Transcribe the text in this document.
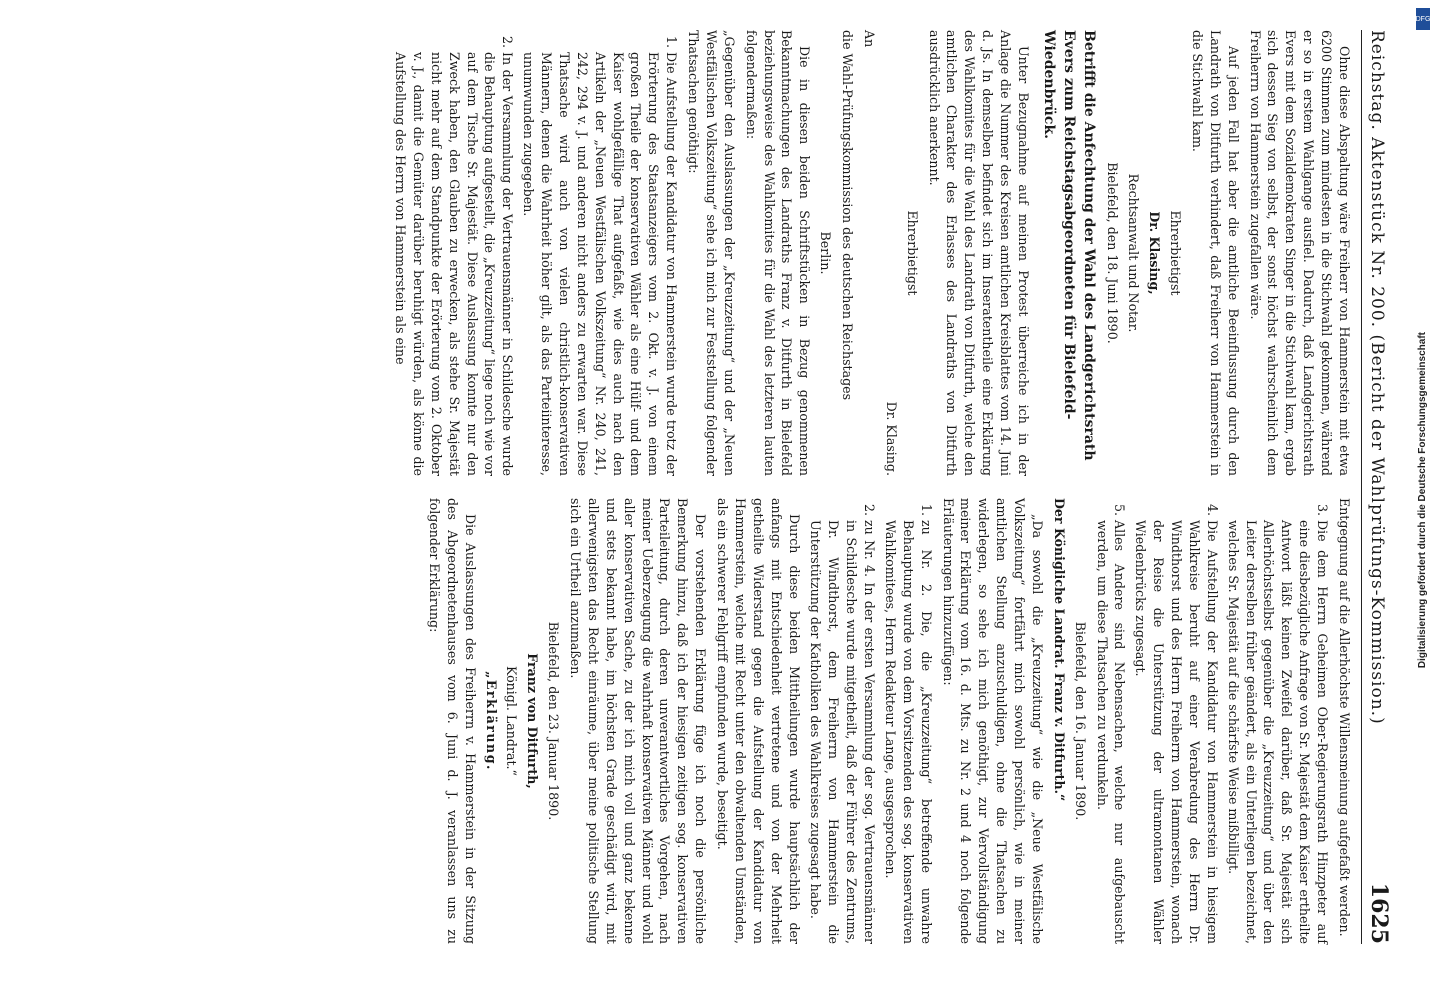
Reichstag. Aktenstück Nr. 200. (Bericht der Wahlprüfungs-Kommission.)
1625

Ohne diese Abspaltung wäre Freiherr von Hammerstein mit etwa 6200 Stimmen zum mindesten in die Stichwahl gekommen, während er so in erstem Wahlgange ausfiel. Dadurch, daß Landgerichtsrath Evers mit dem Sozialdemokraten Singer in die Stichwahl kam, ergab sich dessen Sieg von selbst, der sonst höchst wahrscheinlich dem Freiherrn von Hammerstein zugefallen wäre.

Auf jeden Fall hat aber die amtliche Beeinflussung durch den Landrath von Ditfurth verhindert, daß Freiherr von Hammerstein in die Stichwahl kam.

Ehrerbietigst

Dr. Klasing,

Rechtsanwalt und Notar.

Bielefeld, den 18. Juni 1890.

Betrifft die Anfechtung der Wahl des Landgerichtsrath Evers zum Reichstagsabgeordneten für Bielefeld-Wiedenbrück.

Unter Bezugnahme auf meinen Protest überreiche ich in der Anlage die Nummer des Kreisen amtlichen Kreisblattes vom 14. Juni d. Js. In demselben befindet sich im Inseratentheile eine Erklärung des Wahlkomites für die Wahl des Landrath von Ditfurth, welche den amtlichen Charakter des Erlasses des Landraths von Ditfurth ausdrücklich anerkennt.

Ehrerbietigst

Dr. Klasing.

An

die Wahl-Prüfungskommission des deutschen Reichstages

Berlin.

Die in diesen beiden Schriftstücken in Bezug genommenen Bekanntmachungen des Landraths Franz v. Ditfurth in Bielefeld beziehungsweise des Wahlkomites für die Wahl des letzteren lauten folgendermaßen:

„Gegenüber den Auslassungen der „Kreuzzeitung“ und der „Neuen Westfälischen Volkszeitung“ sehe ich mich zur Feststellung folgender Thatsachen genöthigt:

1. Die Aufstellung der Kandidatur von Hammerstein wurde trotz der Erörterung des Staatsanzeigers vom 2. Okt. v. J. von einem großen Theile der konservativen Wähler als eine Hülf- und dem Kaiser wohlgefällige That aufgefaßt, wie dies auch nach den Artikeln der „Neuen Westfälischen Volkszeitung“ Nr. 240, 241, 242, 294 v. J. und anderen nicht anders zu erwarten war. Diese Thatsache wird auch von vielen christlich-konservativen Männern, denen die Wahrheit höher gilt, als das Parteiinteresse, unumwunden zugegeben.
2. In der Versammlung der Vertrauensmänner in Schildesche wurde die Behauptung aufgestellt, die „Kreuzzeitung“ liege noch wie vor auf dem Tische Sr. Majestät. Diese Auslassung konnte nur den Zweck haben, den Glauben zu erwecken, als stehe Sr. Majestät nicht mehr auf dem Standpunkte der Erörterung vom 2. Oktober v. J., damit die Gemüter darüber beruhigt würden, als könne die Aufstellung des Herrn von Hammerstein als eine

Entgegnung auf die Allerhöchste Willensmeinung aufgefaßt werden.

3. Die dem Herrn Geheimen Ober-Regierungsrath Hinzpeter auf eine diesbezügliche Anfrage von Sr. Majestät dem Kaiser ertheilte Antwort läßt keinen Zweifel darüber, daß Sr. Majestät sich Allerhöchstselbst gegenüber die „Kreuzzeitung“ und über den Leiter derselben früher geändert, als ein Unterliegen bezeichnet, welches Sr. Majestät auf die schärfste Weise mißbilligt.
4. Die Aufstellung der Kandidatur von Hammerstein in hiesigem Wahlkreise beruht auf einer Verabredung des Herrn Dr. Windthorst und des Herrn Freiherrn von Hammerstein, wonach der Reise die Unterstützung der ultramontanen Wähler Wiedenbrücks zugesagt.
5. Alles Andere sind Nebensachen, welche nur aufgebauscht werden, um diese Thatsachen zu verdunkeln.

Bielefeld, den 16. Januar 1890.

Der Königliche Landrat. Franz v. Ditfurth.“

„Da sowohl die „Kreuzzeitung“ wie die „Neue Westfälische Volkszeitung“ fortfährt mich sowohl persönlich, wie in meiner amtlichen Stellung anzuschuldigen, ohne die Thatsachen zu widerlegen, so sehe ich mich genöthigt, zur Vervollständigung meiner Erklärung vom 16. d. Mts. zu Nr. 2 und 4 noch folgende Erläuterungen hinzuzufügen:

1. zu Nr. 2. Die, die „Kreuzzeitung“ betreffende unwahre Behauptung wurde von dem Vorsitzenden des sog. konservativen Wahlkomitees, Herrn Redakteur Lange, ausgesprochen.
2. zu Nr. 4. In der ersten Versammlung der sog. Vertrauensmänner in Schildesche wurde mitgetheilt, daß der Führer des Zentrums, Dr. Windthorst, dem Freiherrn von Hammerstein die Unterstützung der Katholiken des Wahlkreises zugesagt habe.

Durch diese beiden Mittheilungen wurde hauptsächlich der anfangs mit Entschiedenheit vertretene und von der Mehrheit getheilte Widerstand gegen die Aufstellung der Kandidatur von Hammerstein, welche mit Recht unter den obwaltenden Umständen, als ein schwerer Fehlgriff empfunden wurde, beseitigt.

Der vorstehenden Erklärung füge ich noch die persönliche Bemerkung hinzu, daß ich der hiesigen zeitigen sog. konservativen Parteileitung, durch deren unverantwortliches Vorgehen, nach meiner Ueberzeugung die wahrhaft konservativen Männer und wohl aller konservativen Sache, zu der ich mich voll und ganz bekenne und stets bekannt habe, im höchsten Grade geschädigt wird, mit allerwenigsten das Recht einräume, über meine politische Stellung sich ein Urtheil anzumaßen.

Bielefeld, den 23. Januar 1890.

Franz von Ditfurth,

Königl. Landrat.“

„Erklärung.

Die Auslassungen des Freiherrn v. Hammerstein in der Sitzung des Abgeordnetenhauses vom 6. Juni d. J. veranlassen uns zu folgender Erklärung:	Digitalisierung gefördert durch die Deutsche Forschungsgemeinschaft
DFG
